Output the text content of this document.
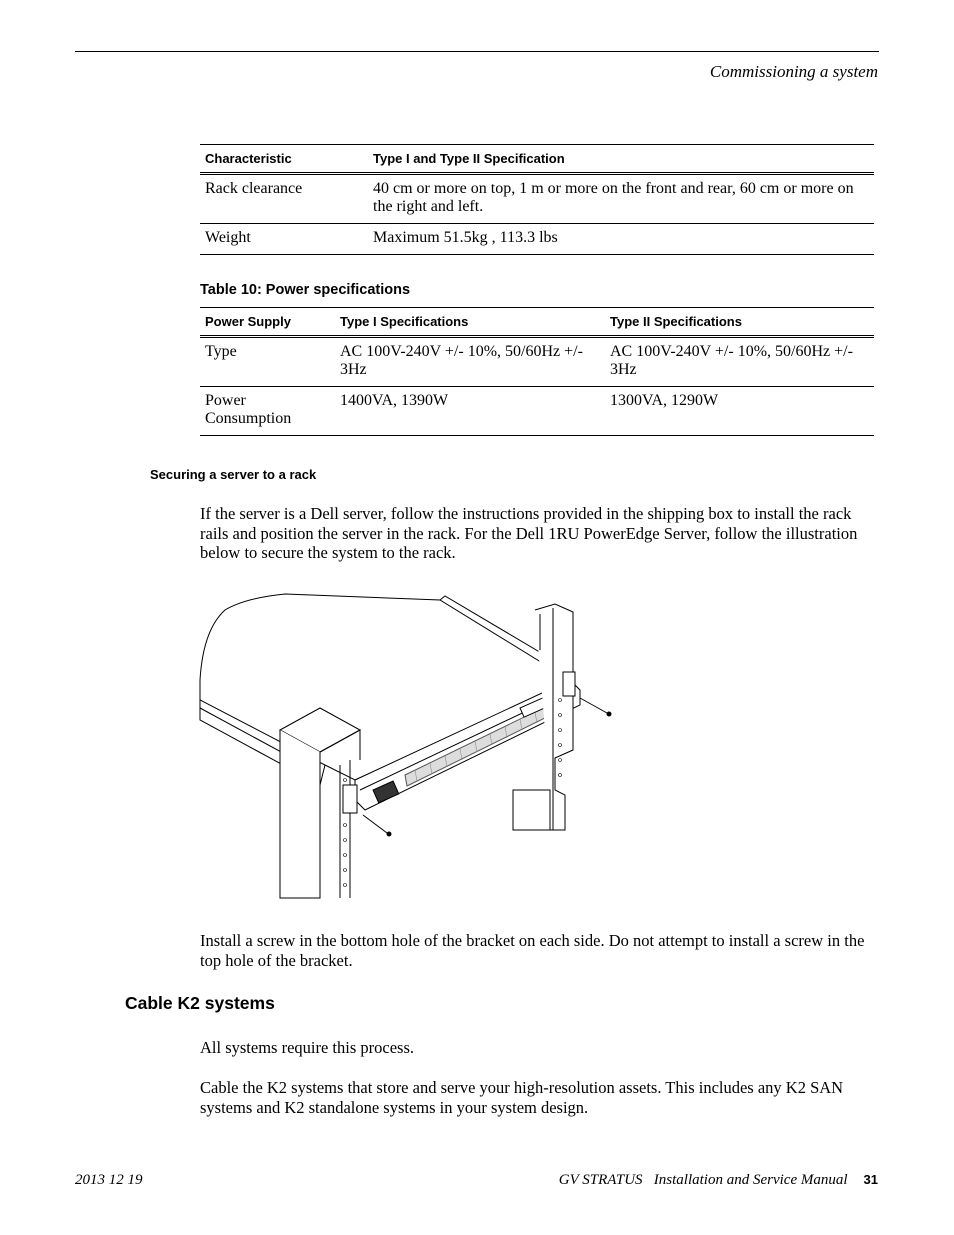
Commissioning a system
Characteristic	Type I and Type II Specification
Rack clearance	40 cm or more on top, 1 m or more on the front and rear, 60 cm or more on the right and left.
Weight	Maximum 51.5kg , 113.3 lbs
Table 10: Power specifications
Power Supply	Type I Specifications	Type II Specifications
Type	AC 100V-240V +/- 10%, 50/60Hz +/- 3Hz	AC 100V-240V +/- 10%, 50/60Hz +/- 3Hz
Power Consumption	1400VA, 1390W	1300VA, 1290W
Securing a server to a rack
If the server is a Dell server, follow the instructions provided in the shipping box to install the rack rails and position the server in the rack. For the Dell 1RU PowerEdge Server, follow the illustration below to secure the system to the rack.
Install a screw in the bottom hole of the bracket on each side. Do not attempt to install a screw in the top hole of the bracket.
Cable K2 systems
All systems require this process.
Cable the K2 systems that store and serve your high-resolution assets. This includes any K2 SAN systems and K2 standalone systems in your system design.
2013 12 19	GV STRATUS   Installation and Service Manual 31
